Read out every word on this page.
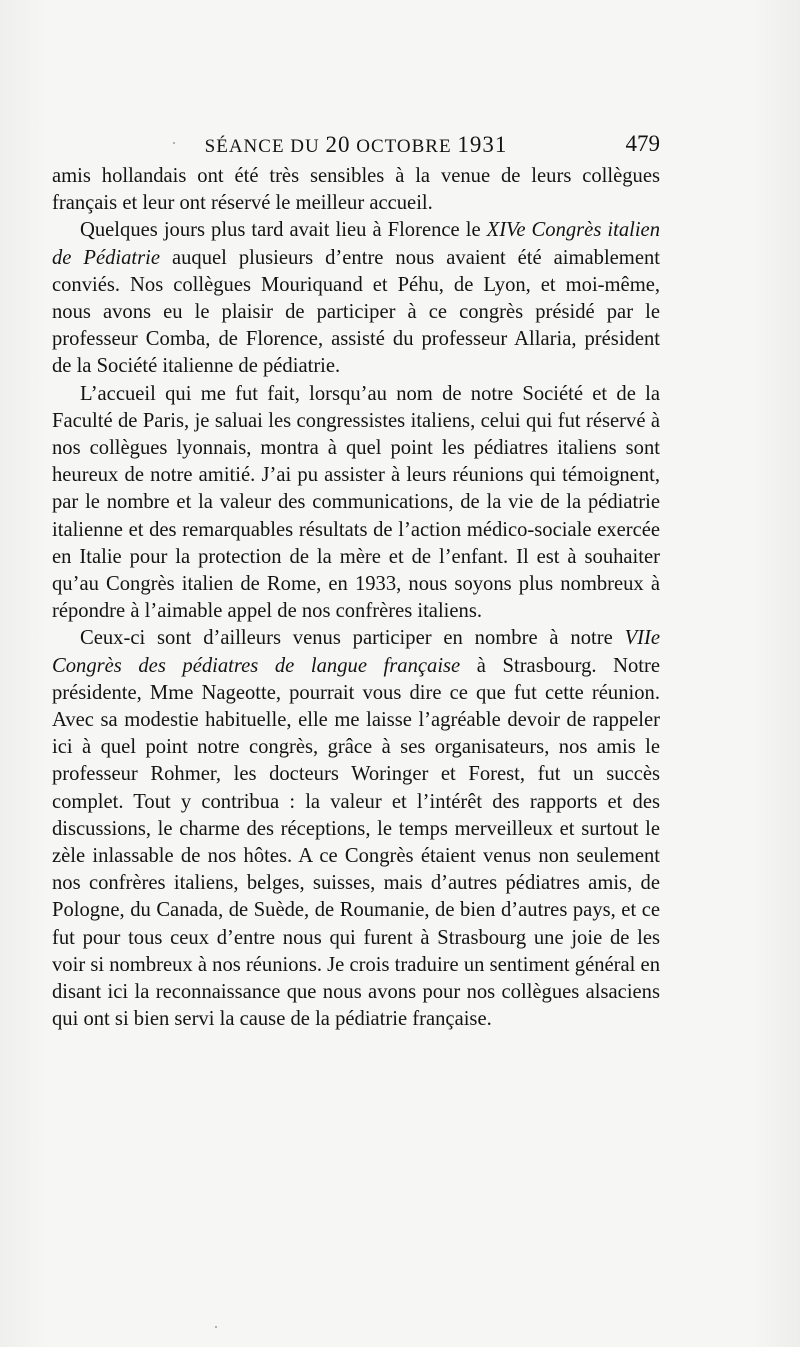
SÉANCE DU 20 OCTOBRE 1931	479

amis hollandais ont été très sensibles à la venue de leurs collègues français et leur ont réservé le meilleur accueil.

Quelques jours plus tard avait lieu à Florence le XIVe Congrès italien de Pédiatrie auquel plusieurs d’entre nous avaient été aimablement conviés. Nos collègues Mouriquand et Péhu, de Lyon, et moi-même, nous avons eu le plaisir de participer à ce congrès présidé par le professeur Comba, de Florence, assisté du professeur Allaria, président de la Société italienne de pédiatrie.

L’accueil qui me fut fait, lorsqu’au nom de notre Société et de la Faculté de Paris, je saluai les congressistes italiens, celui qui fut réservé à nos collègues lyonnais, montra à quel point les pédiatres italiens sont heureux de notre amitié. J’ai pu assister à leurs réunions qui témoignent, par le nombre et la valeur des communications, de la vie de la pédiatrie italienne et des remarquables résultats de l’action médico-sociale exercée en Italie pour la protection de la mère et de l’enfant. Il est à souhaiter qu’au Congrès italien de Rome, en 1933, nous soyons plus nombreux à répondre à l’aimable appel de nos confrères italiens.

Ceux-ci sont d’ailleurs venus participer en nombre à notre VIIe Congrès des pédiatres de langue française à Strasbourg. Notre présidente, Mme Nageotte, pourrait vous dire ce que fut cette réunion. Avec sa modestie habituelle, elle me laisse l’agréable devoir de rappeler ici à quel point notre congrès, grâce à ses organisateurs, nos amis le professeur Rohmer, les docteurs Woringer et Forest, fut un succès complet. Tout y contribua : la valeur et l’intérêt des rapports et des discussions, le charme des réceptions, le temps merveilleux et surtout le zèle inlassable de nos hôtes. A ce Congrès étaient venus non seulement nos confrères italiens, belges, suisses, mais d’autres pédiatres amis, de Pologne, du Canada, de Suède, de Roumanie, de bien d’autres pays, et ce fut pour tous ceux d’entre nous qui furent à Strasbourg une joie de les voir si nombreux à nos réunions. Je crois traduire un sentiment général en disant ici la reconnaissance que nous avons pour nos collègues alsaciens qui ont si bien servi la cause de la pédiatrie française.
